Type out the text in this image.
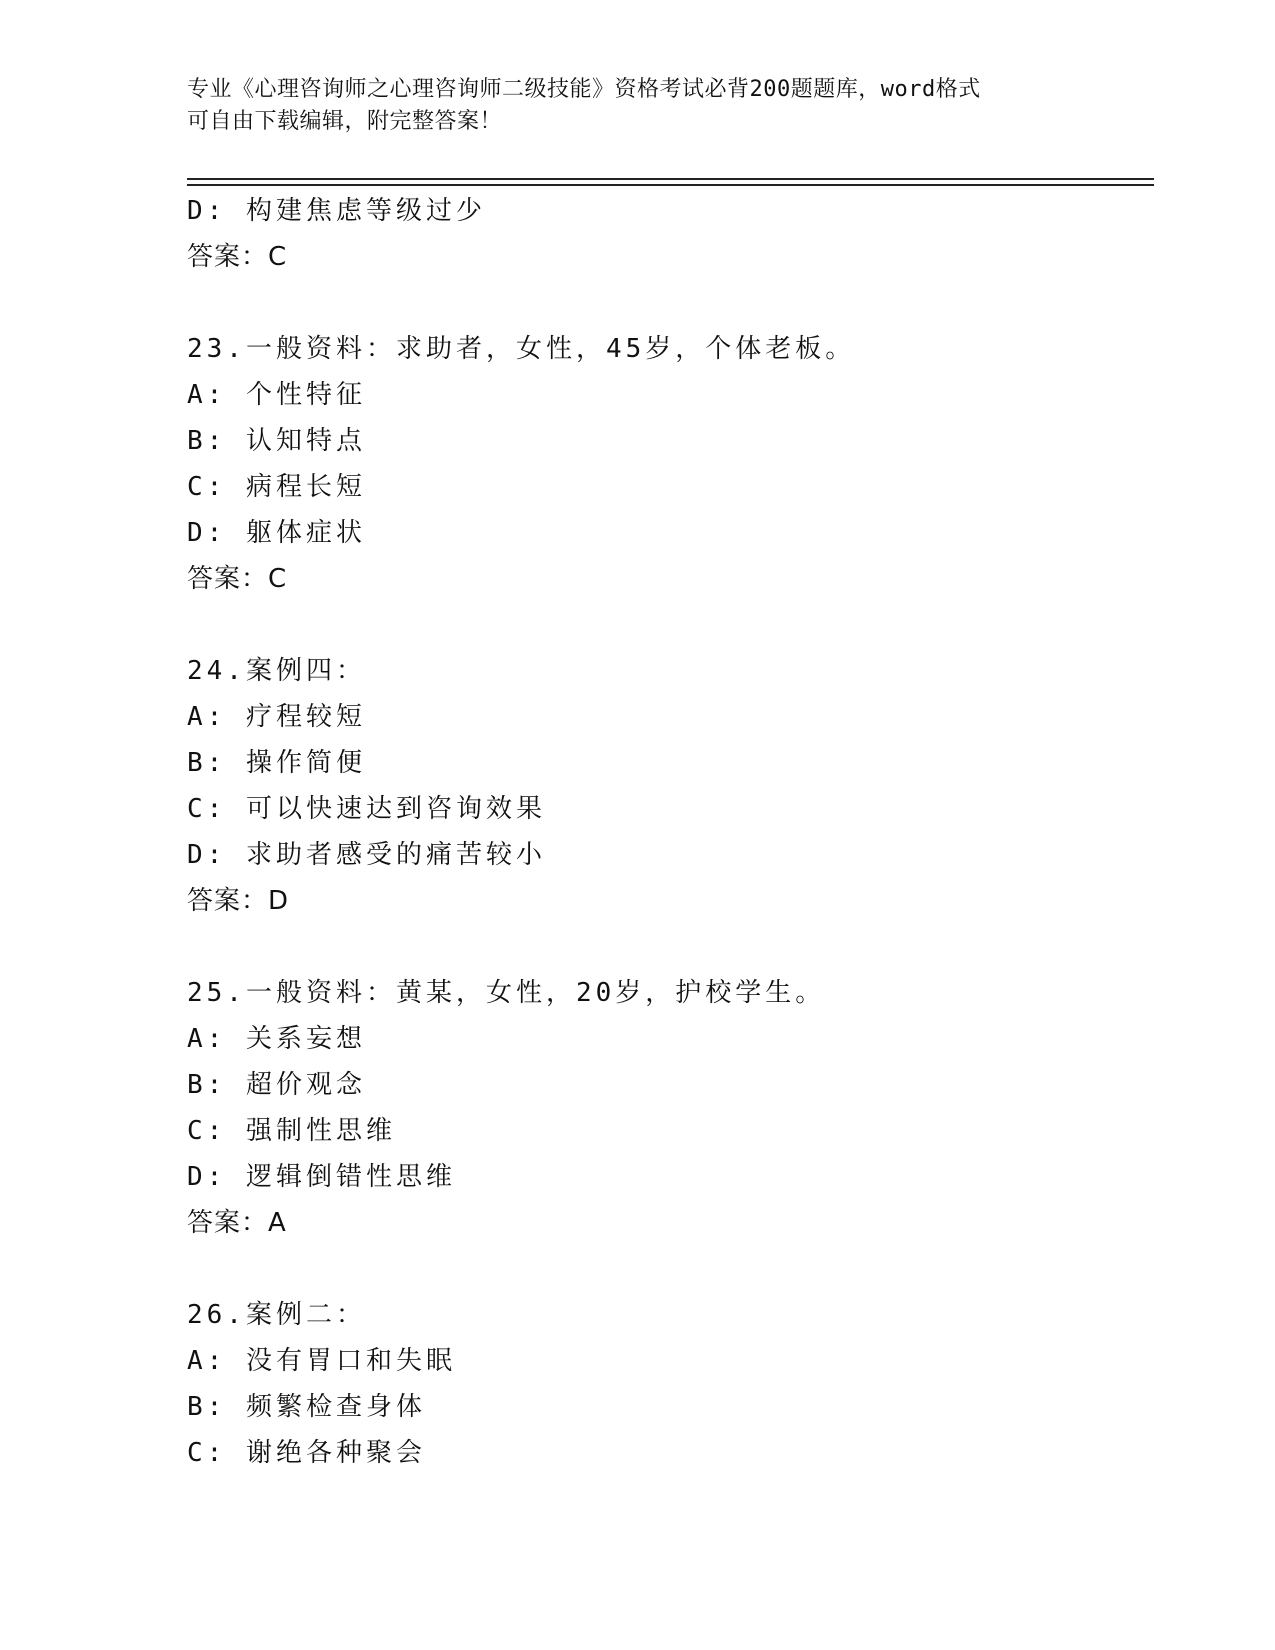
专业《心理咨询师之心理咨询师二级技能》资格考试必背200题题库，word格式
可自由下载编辑，附完整答案！
D: 构建焦虑等级过少
答案：C
23.一般资料：求助者，女性，45岁，个体老板。
A: 个性特征
B: 认知特点
C: 病程长短
D: 躯体症状
答案：C
24.案例四：
A: 疗程较短
B: 操作简便
C: 可以快速达到咨询效果
D: 求助者感受的痛苦较小
答案：D
25.一般资料：黄某，女性，20岁，护校学生。
A: 关系妄想
B: 超价观念
C: 强制性思维
D: 逻辑倒错性思维
答案：A
26.案例二：
A: 没有胃口和失眠
B: 频繁检查身体
C: 谢绝各种聚会
